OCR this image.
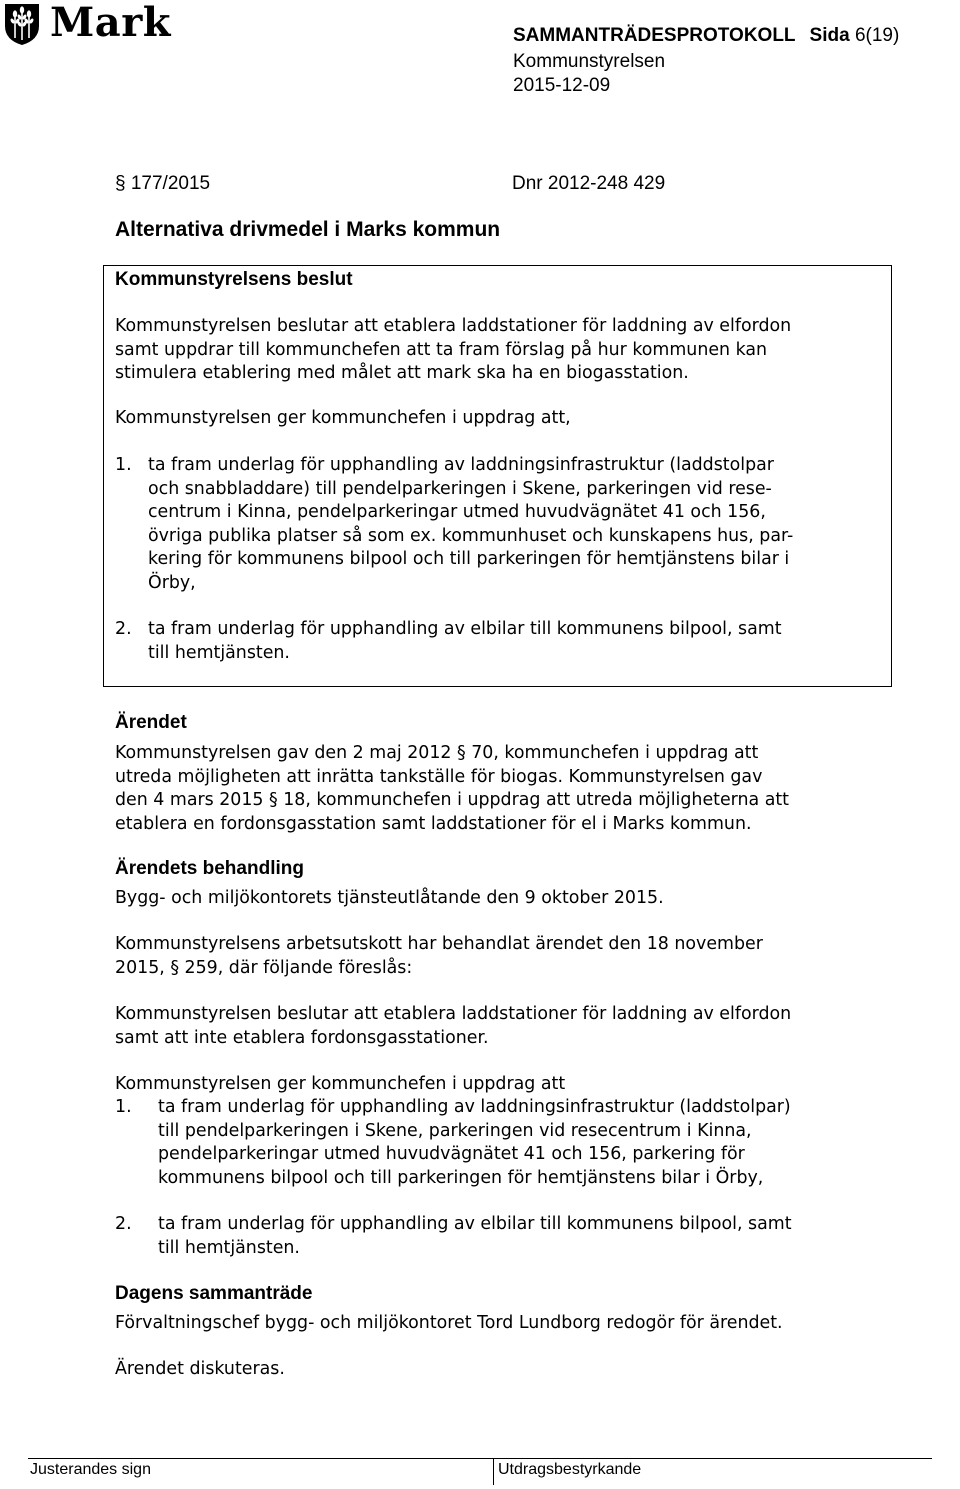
Mark	SAMMANTRÄDESPROTOKOLL Sida 6(19)
Kommunstyrelsen
2015-12-09
§ 177/2015	Dnr 2012-248 429
Alternativa drivmedel i Marks kommun
Kommunstyrelsens beslut
Kommunstyrelsen beslutar att etablera laddstationer för laddning av elfordon
samt uppdrar till kommunchefen att ta fram förslag på hur kommunen kan
stimulera etablering med målet att mark ska ha en biogasstation.
Kommunstyrelsen ger kommunchefen i uppdrag att,
1. ta fram underlag för upphandling av laddningsinfrastruktur (laddstolpar
och snabbladdare) till pendelparkeringen i Skene, parkeringen vid rese-
centrum i Kinna, pendelparkeringar utmed huvudvägnätet 41 och 156,
övriga publika platser så som ex. kommunhuset och kunskapens hus, par-
kering för kommunens bilpool och till parkeringen för hemtjänstens bilar i
Örby,
2. ta fram underlag för upphandling av elbilar till kommunens bilpool, samt
till hemtjänsten.
Ärendet
Kommunstyrelsen gav den 2 maj 2012 § 70, kommunchefen i uppdrag att
utreda möjligheten att inrätta tankställe för biogas. Kommunstyrelsen gav
den 4 mars 2015 § 18, kommunchefen i uppdrag att utreda möjligheterna att
etablera en fordonsgasstation samt laddstationer för el i Marks kommun.
Ärendets behandling
Bygg- och miljökontorets tjänsteutlåtande den 9 oktober 2015.
Kommunstyrelsens arbetsutskott har behandlat ärendet den 18 november
2015, § 259, där följande föreslås:
Kommunstyrelsen beslutar att etablera laddstationer för laddning av elfordon
samt att inte etablera fordonsgasstationer.
Kommunstyrelsen ger kommunchefen i uppdrag att
1. ta fram underlag för upphandling av laddningsinfrastruktur (laddstolpar)
till pendelparkeringen i Skene, parkeringen vid resecentrum i Kinna,
pendelparkeringar utmed huvudvägnätet 41 och 156, parkering för
kommunens bilpool och till parkeringen för hemtjänstens bilar i Örby,
2. ta fram underlag för upphandling av elbilar till kommunens bilpool, samt
till hemtjänsten.
Dagens sammanträde
Förvaltningschef bygg- och miljökontoret Tord Lundborg redogör för ärendet.
Ärendet diskuteras.
Justerandes sign	Utdragsbestyrkande
